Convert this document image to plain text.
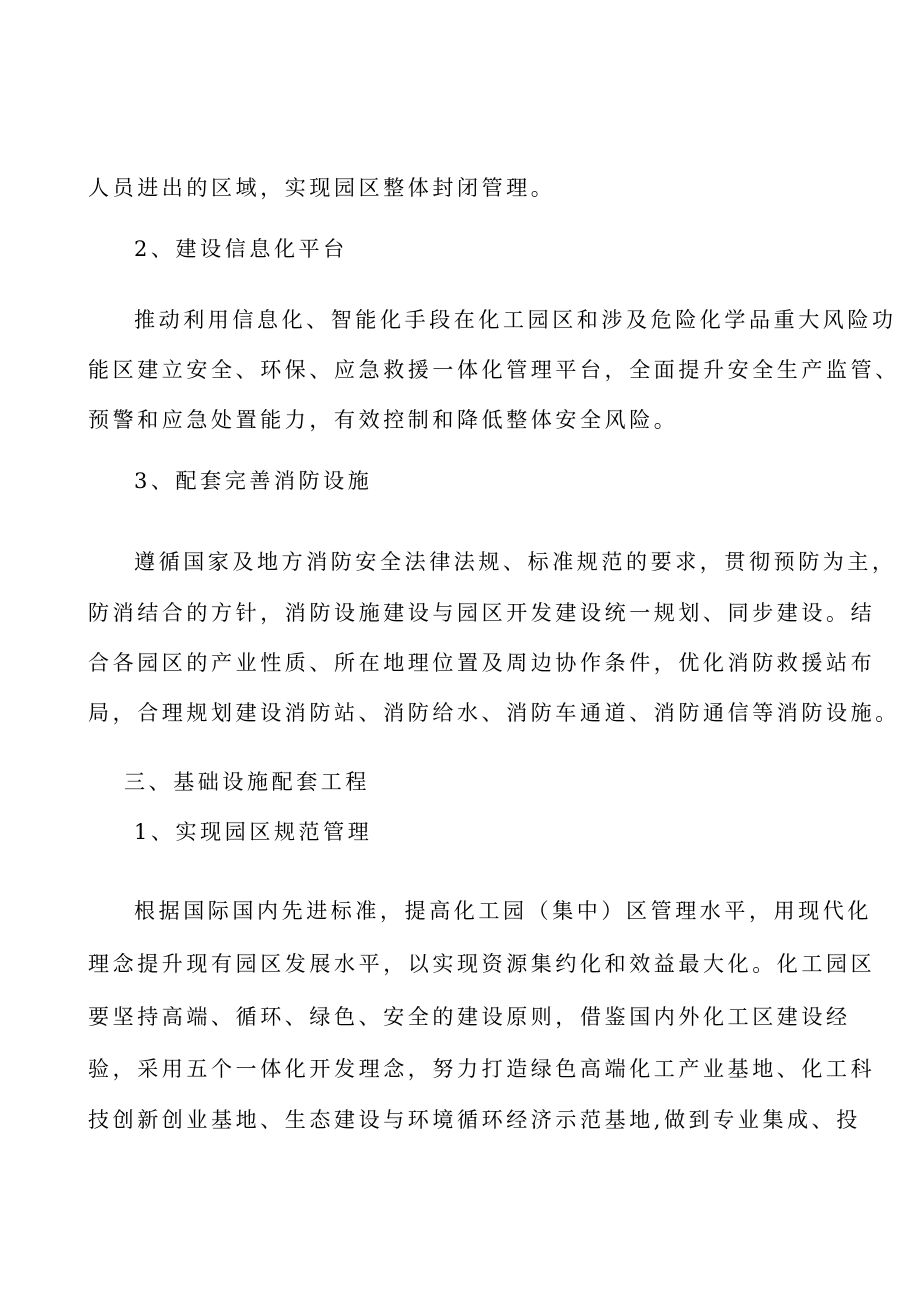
人员进出的区域，实现园区整体封闭管理。
2、建设信息化平台
推动利用信息化、智能化手段在化工园区和涉及危险化学品重大风险功
能区建立安全、环保、应急救援一体化管理平台，全面提升安全生产监管、
预警和应急处置能力，有效控制和降低整体安全风险。
3、配套完善消防设施
遵循国家及地方消防安全法律法规、标准规范的要求，贯彻预防为主，
防消结合的方针，消防设施建设与园区开发建设统一规划、同步建设。结
合各园区的产业性质、所在地理位置及周边协作条件，优化消防救援站布
局，合理规划建设消防站、消防给水、消防车通道、消防通信等消防设施。
三、基础设施配套工程
1、实现园区规范管理
根据国际国内先进标准，提高化工园（集中）区管理水平，用现代化
理念提升现有园区发展水平，以实现资源集约化和效益最大化。化工园区
要坚持高端、循环、绿色、安全的建设原则，借鉴国内外化工区建设经
验，采用五个一体化开发理念，努力打造绿色高端化工产业基地、化工科
技创新创业基地、生态建设与环境循环经济示范基地,做到专业集成、投
